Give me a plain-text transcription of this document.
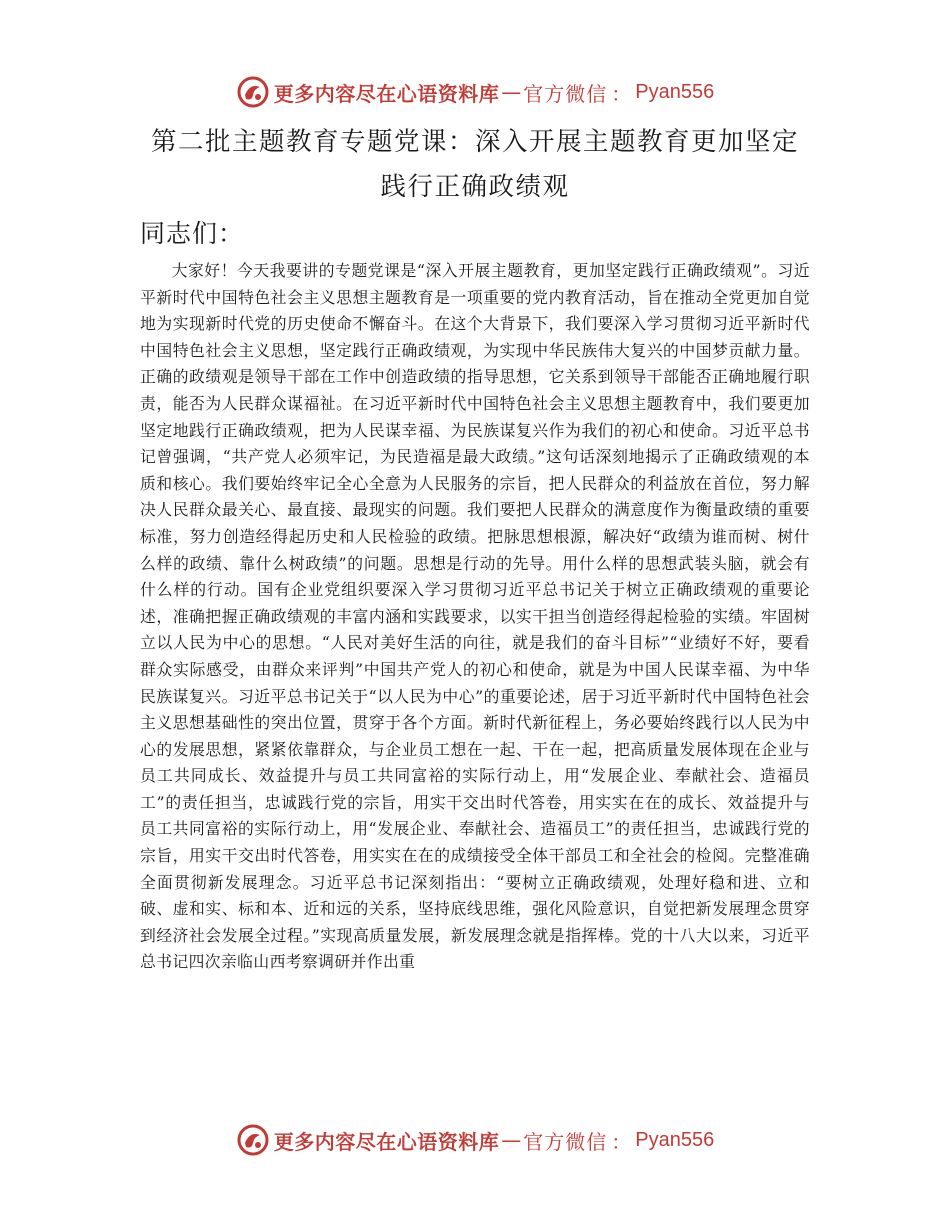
更多内容尽在心语资料库 — 官方微信 ： Pyan556
第二批主题教育专题党课：深入开展主题教育更加坚定践行正确政绩观

同志们：

大家好！今天我要讲的专题党课是“深入开展主题教育，更加坚定践行正确政绩观”。习近平新时代中国特色社会主义思想主题教育是一项重要的党内教育活动，旨在推动全党更加自觉地为实现新时代党的历史使命不懈奋斗。在这个大背景下，我们要深入学习贯彻习近平新时代中国特色社会主义思想，坚定践行正确政绩观，为实现中华民族伟大复兴的中国梦贡献力量。正确的政绩观是领导干部在工作中创造政绩的指导思想，它关系到领导干部能否正确地履行职责，能否为人民群众谋福祉。在习近平新时代中国特色社会主义思想主题教育中，我们要更加坚定地践行正确政绩观，把为人民谋幸福、为民族谋复兴作为我们的初心和使命。习近平总书记曾强调，“共产党人必须牢记，为民造福是最大政绩。”这句话深刻地揭示了正确政绩观的本质和核心。我们要始终牢记全心全意为人民服务的宗旨，把人民群众的利益放在首位，努力解决人民群众最关心、最直接、最现实的问题。我们要把人民群众的满意度作为衡量政绩的重要标准，努力创造经得起历史和人民检验的政绩。把脉思想根源，解决好“政绩为谁而树、树什么样的政绩、靠什么树政绩”的问题。思想是行动的先导。用什么样的思想武装头脑，就会有什么样的行动。国有企业党组织要深入学习贯彻习近平总书记关于树立正确政绩观的重要论述，准确把握正确政绩观的丰富内涵和实践要求，以实干担当创造经得起检验的实绩。牢固树立以人民为中心的思想。“人民对美好生活的向往，就是我们的奋斗目标”“业绩好不好，要看群众实际感受，由群众来评判”中国共产党人的初心和使命，就是为中国人民谋幸福、为中华民族谋复兴。习近平总书记关于“以人民为中心”的重要论述，居于习近平新时代中国特色社会主义思想基础性的突出位置，贯穿于各个方面。新时代新征程上，务必要始终践行以人民为中心的发展思想，紧紧依靠群众，与企业员工想在一起、干在一起，把高质量发展体现在企业与员工共同成长、效益提升与员工共同富裕的实际行动上，用“发展企业、奉献社会、造福员工”的责任担当，忠诚践行党的宗旨，用实干交出时代答卷，用实实在在的成长、效益提升与员工共同富裕的实际行动上，用“发展企业、奉献社会、造福员工”的责任担当，忠诚践行党的宗旨，用实干交出时代答卷，用实实在在的成绩接受全体干部员工和全社会的检阅。完整准确全面贯彻新发展理念。习近平总书记深刻指出：“要树立正确政绩观，处理好稳和进、立和破、虚和实、标和本、近和远的关系，坚持底线思维，强化风险意识，自觉把新发展理念贯穿到经济社会发展全过程。”实现高质量发展，新发展理念就是指挥棒。党的十八大以来，习近平总书记四次亲临山西考察调研并作出重

更多内容尽在心语资料库 — 官方微信 ： Pyan556
